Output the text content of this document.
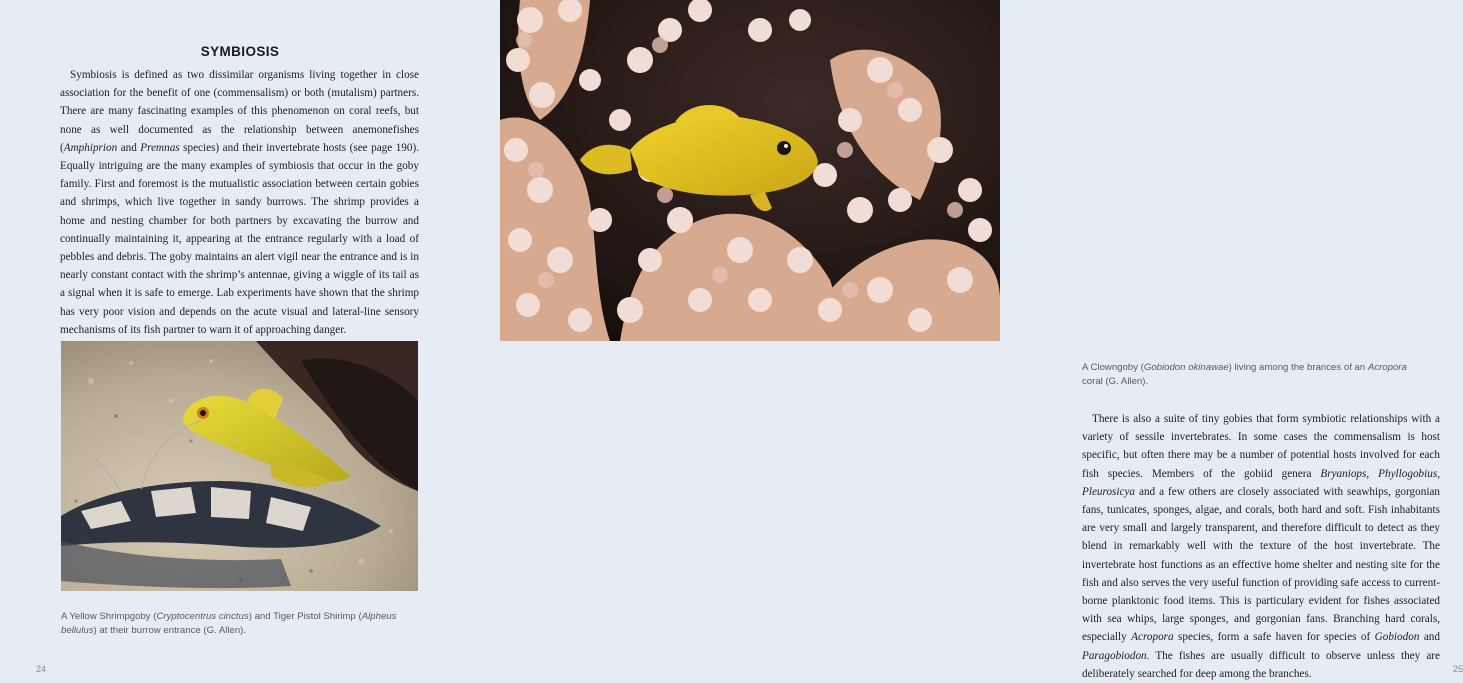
SYMBIOSIS

Symbiosis is defined as two dissimilar organisms living together in close association for the benefit of one (commensalism) or both (mutalism) partners. There are many fascinating examples of this phenomenon on coral reefs, but none as well documented as the relationship between anemonefishes (Amphiprion and Premnas species) and their invertebrate hosts (see page 190). Equally intriguing are the many examples of symbiosis that occur in the goby family. First and foremost is the mutualistic association between certain gobies and shrimps, which live together in sandy burrows. The shrimp provides a home and nesting chamber for both partners by excavating the burrow and continually maintaining it, appearing at the entrance regularly with a load of pebbles and debris. The goby maintains an alert vigil near the entrance and is in nearly constant contact with the shrimp’s antennae, giving a wiggle of its tail as a signal when it is safe to emerge. Lab experiments have shown that the shrimp has very poor vision and depends on the acute visual and lateral-line sensory mechanisms of its fish partner to warn it of approaching danger.

A Yellow Shrimpgoby (Cryptocentrus cinctus) and Tiger Pistol Shirimp (Alpheus bellulus) at their burrow entrance (G. Allen).
24
A Clowngoby (Gobiodon okinawae) living among the brances of an Acropora coral (G. Allen).

There is also a suite of tiny gobies that form symbiotic relationships with a variety of sessile invertebrates. In some cases the commensalism is host specific, but often there may be a number of potential hosts involved for each fish species. Members of the gobiid genera Bryaniops, Phyllogobius, Pleurosicya and a few others are closely associated with seawhips, gorgonian fans, tunicates, sponges, algae, and corals, both hard and soft. Fish inhabitants are very small and largely transparent, and therefore difficult to detect as they blend in remarkably well with the texture of the host invertebrate. The invertebrate host functions as an effective home shelter and nesting site for the fish and also serves the very useful function of providing safe access to current-borne planktonic food items. This is particulary evident for fishes associated with sea whips, large sponges, and gorgonian fans. Branching hard corals, especially Acropora species, form a safe haven for species of Gobiodon and Paragobiodon. The fishes are usually difficult to observe unless they are deliberately searched for deep among the branches.	25
